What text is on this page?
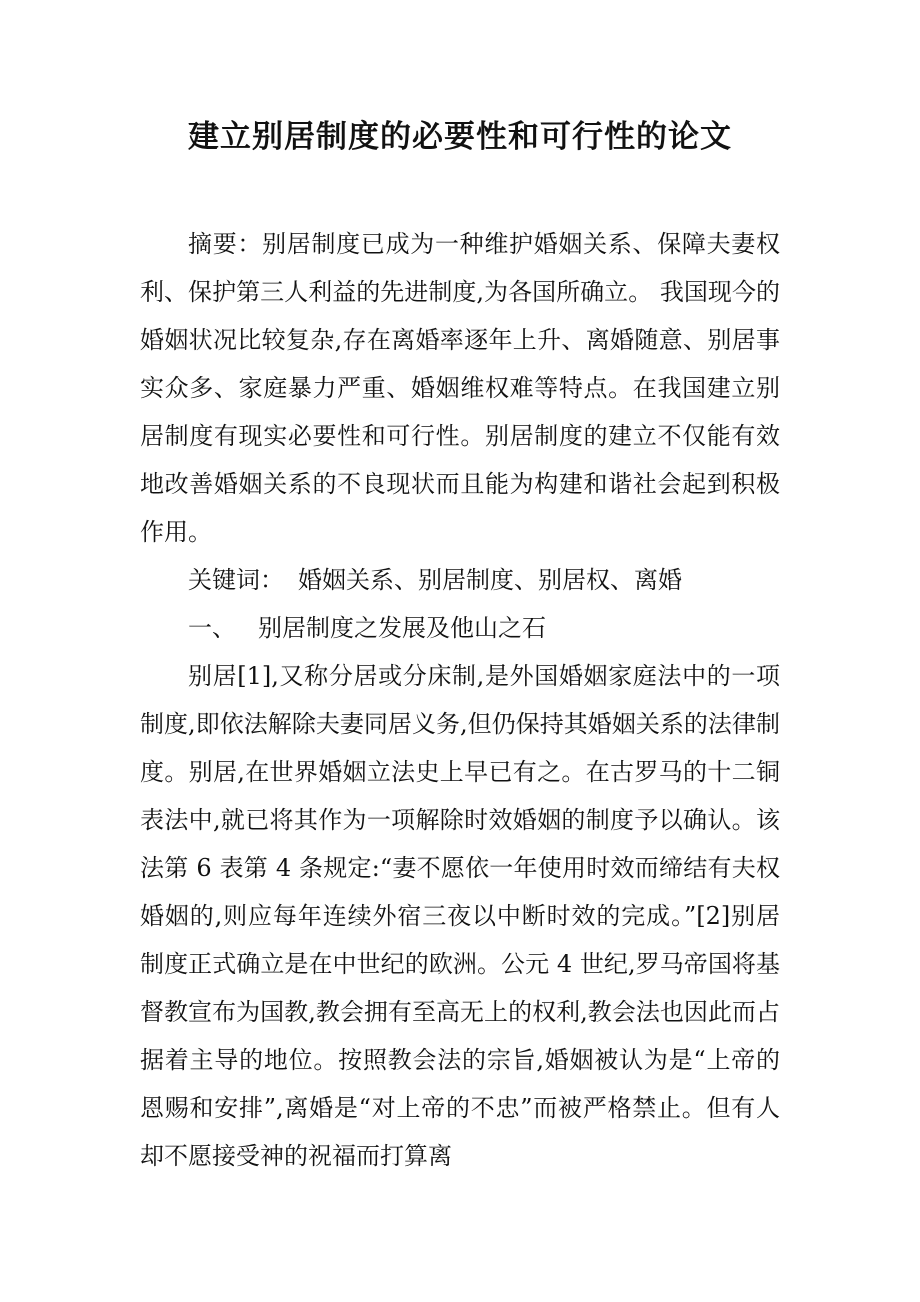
建立别居制度的必要性和可行性的论文

摘要：别居制度已成为一种维护婚姻关系、保障夫妻权利、保护第三人利益的先进制度,为各国所确立。 我国现今的婚姻状况比较复杂,存在离婚率逐年上升、离婚随意、别居事实众多、家庭暴力严重、婚姻维权难等特点。在我国建立别居制度有现实必要性和可行性。别居制度的建立不仅能有效地改善婚姻关系的不良现状而且能为构建和谐社会起到积极作用。

关键词： 婚姻关系、别居制度、别居权、离婚

一、 别居制度之发展及他山之石

别居[1],又称分居或分床制,是外国婚姻家庭法中的一项制度,即依法解除夫妻同居义务,但仍保持其婚姻关系的法律制度。别居,在世界婚姻立法史上早已有之。在古罗马的十二铜表法中,就已将其作为一项解除时效婚姻的制度予以确认。该法第 6 表第 4 条规定:“妻不愿依一年使用时效而缔结有夫权婚姻的,则应每年连续外宿三夜以中断时效的完成。”[2]别居制度正式确立是在中世纪的欧洲。公元 4 世纪,罗马帝国将基督教宣布为国教,教会拥有至高无上的权利,教会法也因此而占据着主导的地位。按照教会法的宗旨,婚姻被认为是“上帝的恩赐和安排”,离婚是“对上帝的不忠”而被严格禁止。但有人却不愿接受神的祝福而打算离
